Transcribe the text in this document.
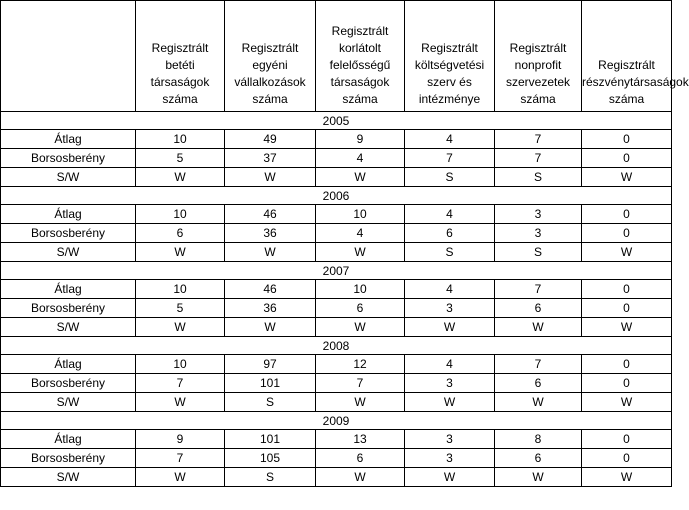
	Regisztrált betéti társaságok száma	Regisztrált egyéni vállalkozások száma	Regisztrált korlátolt felelősségű társaságok száma	Regisztrált költségvetési szerv és intézménye	Regisztrált nonprofit szervezetek száma	Regisztrált részvénytársaságok száma
2005						
Átlag	10	49	9	4	7	0
Borsosberény	5	37	4	7	7	0
S/W	W	W	W	S	S	W
2006						
Átlag	10	46	10	4	3	0
Borsosberény	6	36	4	6	3	0
S/W	W	W	W	S	S	W
2007						
Átlag	10	46	10	4	7	0
Borsosberény	5	36	6	3	6	0
S/W	W	W	W	W	W	W
2008						
Átlag	10	97	12	4	7	0
Borsosberény	7	101	7	3	6	0
S/W	W	S	W	W	W	W
2009						
Átlag	9	101	13	3	8	0
Borsosberény	7	105	6	3	6	0
S/W	W	S	W	W	W	W
